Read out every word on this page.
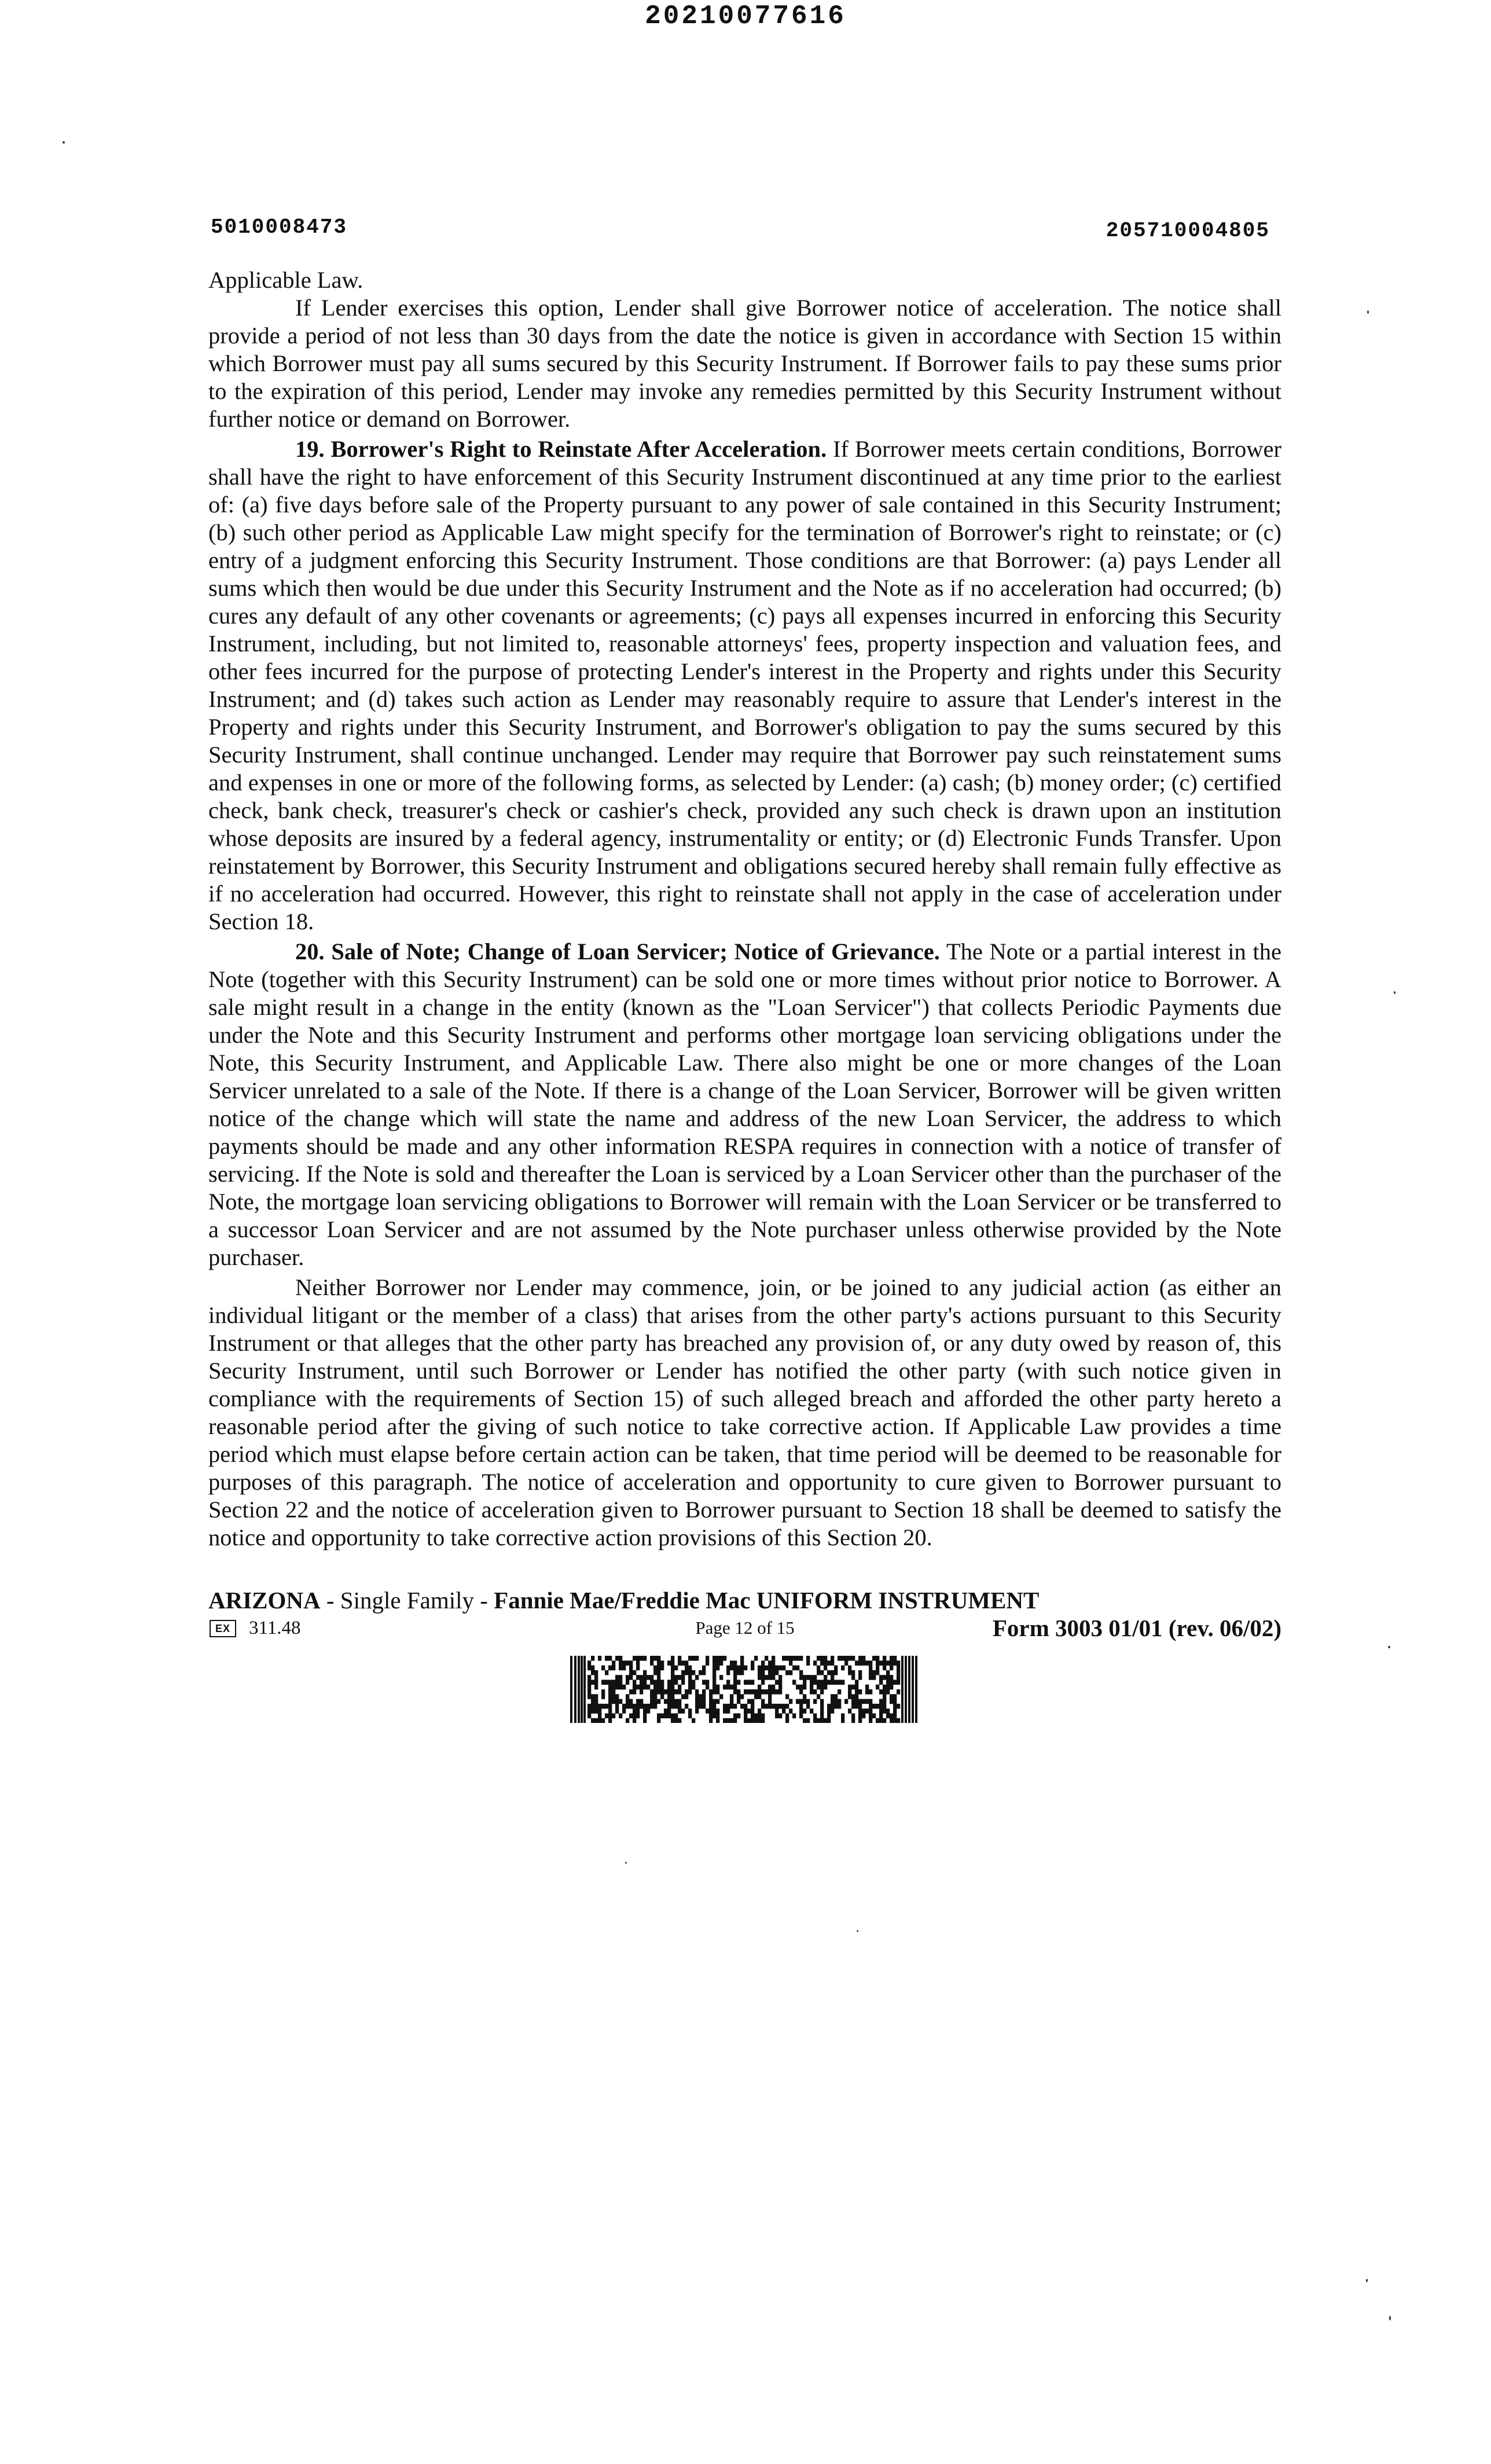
20210077616
5010008473	205710004805

Applicable Law.

If Lender exercises this option, Lender shall give Borrower notice of acceleration. The notice shall provide a period of not less than 30 days from the date the notice is given in accordance with Section 15 within which Borrower must pay all sums secured by this Security Instrument. If Borrower fails to pay these sums prior to the expiration of this period, Lender may invoke any remedies permitted by this Security Instrument without further notice or demand on Borrower.

19. Borrower's Right to Reinstate After Acceleration. If Borrower meets certain conditions, Borrower shall have the right to have enforcement of this Security Instrument discontinued at any time prior to the earliest of: (a) five days before sale of the Property pursuant to any power of sale contained in this Security Instrument; (b) such other period as Applicable Law might specify for the termination of Borrower's right to reinstate; or (c) entry of a judgment enforcing this Security Instrument. Those conditions are that Borrower: (a) pays Lender all sums which then would be due under this Security Instrument and the Note as if no acceleration had occurred; (b) cures any default of any other covenants or agreements; (c) pays all expenses incurred in enforcing this Security Instrument, including, but not limited to, reasonable attorneys' fees, property inspection and valuation fees, and other fees incurred for the purpose of protecting Lender's interest in the Property and rights under this Security Instrument; and (d) takes such action as Lender may reasonably require to assure that Lender's interest in the Property and rights under this Security Instrument, and Borrower's obligation to pay the sums secured by this Security Instrument, shall continue unchanged. Lender may require that Borrower pay such reinstatement sums and expenses in one or more of the following forms, as selected by Lender: (a) cash; (b) money order; (c) certified check, bank check, treasurer's check or cashier's check, provided any such check is drawn upon an institution whose deposits are insured by a federal agency, instrumentality or entity; or (d) Electronic Funds Transfer. Upon reinstatement by Borrower, this Security Instrument and obligations secured hereby shall remain fully effective as if no acceleration had occurred. However, this right to reinstate shall not apply in the case of acceleration under Section 18.

20. Sale of Note; Change of Loan Servicer; Notice of Grievance. The Note or a partial interest in the Note (together with this Security Instrument) can be sold one or more times without prior notice to Borrower. A sale might result in a change in the entity (known as the "Loan Servicer") that collects Periodic Payments due under the Note and this Security Instrument and performs other mortgage loan servicing obligations under the Note, this Security Instrument, and Applicable Law. There also might be one or more changes of the Loan Servicer unrelated to a sale of the Note. If there is a change of the Loan Servicer, Borrower will be given written notice of the change which will state the name and address of the new Loan Servicer, the address to which payments should be made and any other information RESPA requires in connection with a notice of transfer of servicing. If the Note is sold and thereafter the Loan is serviced by a Loan Servicer other than the purchaser of the Note, the mortgage loan servicing obligations to Borrower will remain with the Loan Servicer or be transferred to a successor Loan Servicer and are not assumed by the Note purchaser unless otherwise provided by the Note purchaser.

Neither Borrower nor Lender may commence, join, or be joined to any judicial action (as either an individual litigant or the member of a class) that arises from the other party's actions pursuant to this Security Instrument or that alleges that the other party has breached any provision of, or any duty owed by reason of, this Security Instrument, until such Borrower or Lender has notified the other party (with such notice given in compliance with the requirements of Section 15) of such alleged breach and afforded the other party hereto a reasonable period after the giving of such notice to take corrective action. If Applicable Law provides a time period which must elapse before certain action can be taken, that time period will be deemed to be reasonable for purposes of this paragraph. The notice of acceleration and opportunity to cure given to Borrower pursuant to Section 22 and the notice of acceleration given to Borrower pursuant to Section 18 shall be deemed to satisfy the notice and opportunity to take corrective action provisions of this Section 20.

ARIZONA - Single Family - Fannie Mae/Freddie Mac UNIFORM INSTRUMENT
EX 311.48	Page 12 of 15	Form 3003 01/01 (rev. 06/02)
